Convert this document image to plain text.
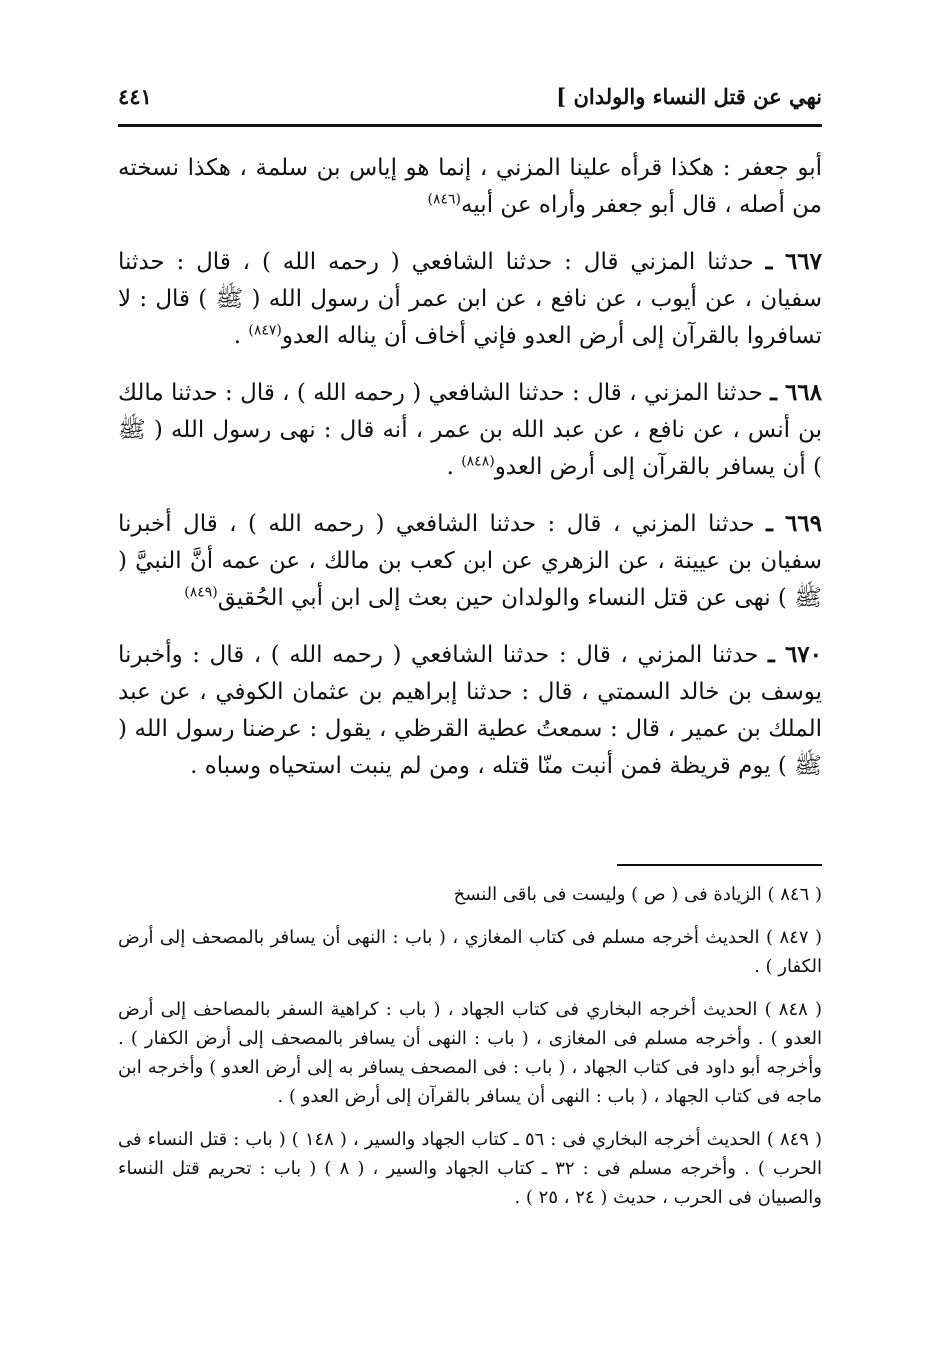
نهي عن قتل النساء والولدان ]
٤٤١

أبو جعفر : هكذا قرأه علينا المزني ، إنما هو إياس بن سلمة ، هكذا نسخته من أصله ، قال أبو جعفر وأراه عن أبيه$^{(٨٤٦)}$

٦٦٧ ـ حدثنا المزني قال : حدثنا الشافعي ( رحمه الله ) ، قال : حدثنا سفيان ، عن أيوب ، عن نافع ، عن ابن عمر أن رسول الله ( ﷺ ) قال : لا تسافروا بالقرآن إلى أرض العدو فإني أخاف أن يناله العدو$^{(٨٤٧)}$ .

٦٦٨ ـ حدثنا المزني ، قال : حدثنا الشافعي ( رحمه الله ) ، قال : حدثنا مالك بن أنس ، عن نافع ، عن عبد الله بن عمر ، أنه قال : نهى رسول الله ( ﷺ ) أن يسافر بالقرآن إلى أرض العدو$^{(٨٤٨)}$ .

٦٦٩ ـ حدثنا المزني ، قال : حدثنا الشافعي ( رحمه الله ) ، قال أخبرنا سفيان بن عيينة ، عن الزهري عن ابن كعب بن مالك ، عن عمه أنَّ النبيَّ ( ﷺ ) نهى عن قتل النساء والولدان حين بعث إلى ابن أبي الحُقيق$^{(٨٤٩)}$

٦٧٠ ـ حدثنا المزني ، قال : حدثنا الشافعي ( رحمه الله ) ، قال : وأخبرنا يوسف بن خالد السمتي ، قال : حدثنا إبراهيم بن عثمان الكوفي ، عن عبد الملك بن عمير ، قال : سمعتُ عطية القرظي ، يقول : عرضنا رسول الله ( ﷺ ) يوم قريظة فمن أنبت منّا قتله ، ومن لم ينبت استحياه وسباه .

( ٨٤٦ ) الزيادة فى ( ص ) وليست فى باقى النسخ

( ٨٤٧ ) الحديث أخرجه مسلم فى كتاب المغازي ، ( باب : النهى أن يسافر بالمصحف إلى أرض الكفار ) .

( ٨٤٨ ) الحديث أخرجه البخاري فى كتاب الجهاد ، ( باب : كراهية السفر بالمصاحف إلى أرض العدو ) . وأخرجه مسلم فى المغازى ، ( باب : النهى أن يسافر بالمصحف إلى أرض الكفار ) . وأخرجه أبو داود فى كتاب الجهاد ، ( باب : فى المصحف يسافر به إلى أرض العدو ) وأخرجه ابن ماجه فى كتاب الجهاد ، ( باب : النهى أن يسافر بالقرآن إلى أرض العدو ) .

( ٨٤٩ ) الحديث أخرجه البخاري فى : ٥٦ ـ كتاب الجهاد والسير ، ( ١٤٨ ) ( باب : قتل النساء فى الحرب ) . وأخرجه مسلم فى : ٣٢ ـ كتاب الجهاد والسير ، ( ٨ ) ( باب : تحريم قتل النساء والصبيان فى الحرب ، حديث ( ٢٤ ، ٢٥ ) .
